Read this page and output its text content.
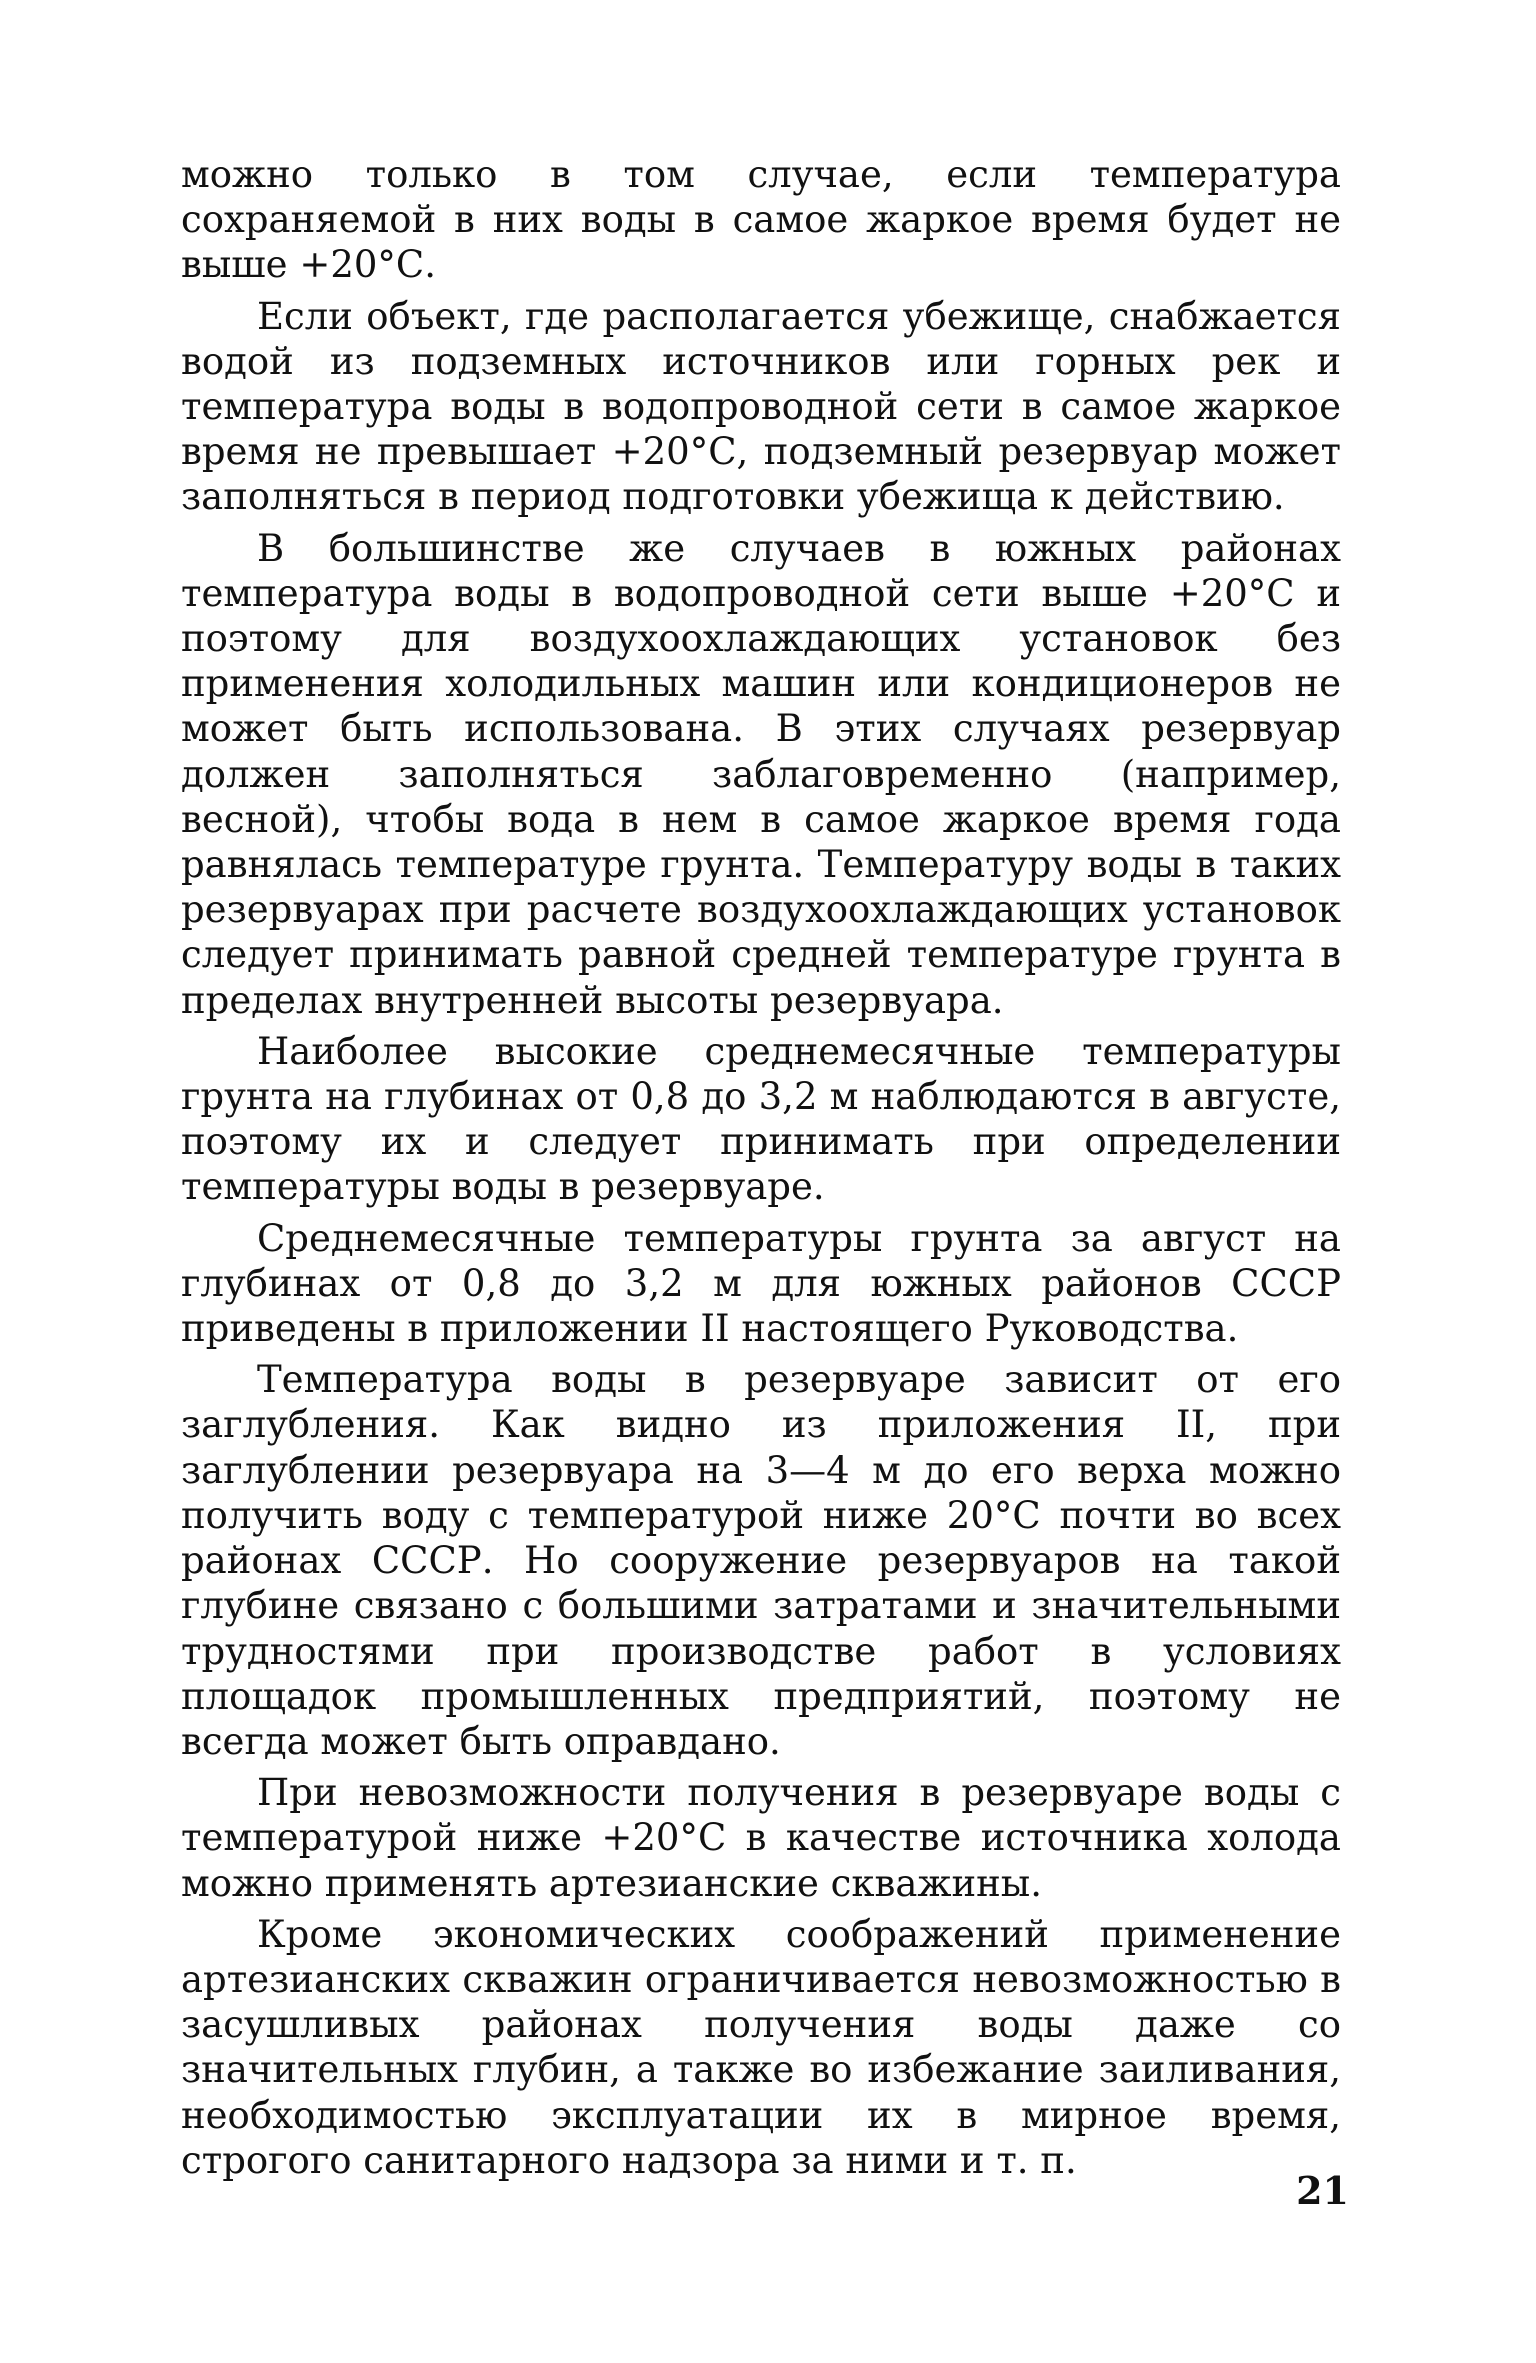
можно только в том случае, если температура сохраняемой в них воды в самое жаркое время будет не выше +20°С.

Если объект, где располагается убежище, снабжается водой из подземных источников или горных рек и температура воды в водопроводной сети в самое жаркое время не превышает +20°С, подземный резервуар может заполняться в период подготовки убежища к действию.

В большинстве же случаев в южных районах температура воды в водопроводной сети выше +20°С и поэтому для воздухоохлаждающих установок без применения холодильных машин или кондиционеров не может быть использована. В этих случаях резервуар должен заполняться заблаговременно (например, весной), чтобы вода в нем в самое жаркое время года равнялась температуре грунта. Температуру воды в таких резервуарах при расчете воздухоохлаждающих установок следует принимать равной средней температуре грунта в пределах внутренней высоты резервуара.

Наиболее высокие среднемесячные температуры грунта на глубинах от 0,8 до 3,2 м наблюдаются в августе, поэтому их и следует принимать при определении температуры воды в резервуаре.

Среднемесячные температуры грунта за август на глубинах от 0,8 до 3,2 м для южных районов СССР приведены в приложении II настоящего Руководства.

Температура воды в резервуаре зависит от его заглубления. Как видно из приложения II, при заглублении резервуара на 3—4 м до его верха можно получить воду с температурой ниже 20°С почти во всех районах СССР. Но сооружение резервуаров на такой глубине связано с большими затратами и значительными трудностями при производстве работ в условиях площадок промышленных предприятий, поэтому не всегда может быть оправдано.

При невозможности получения в резервуаре воды с температурой ниже +20°С в качестве источника холода можно применять артезианские скважины.

Кроме экономических соображений применение артезианских скважин ограничивается невозможностью в засушливых районах получения воды даже со значительных глубин, а также во избежание заиливания, необходимостью эксплуатации их в мирное время, строгого санитарного надзора за ними и т. п.

21
